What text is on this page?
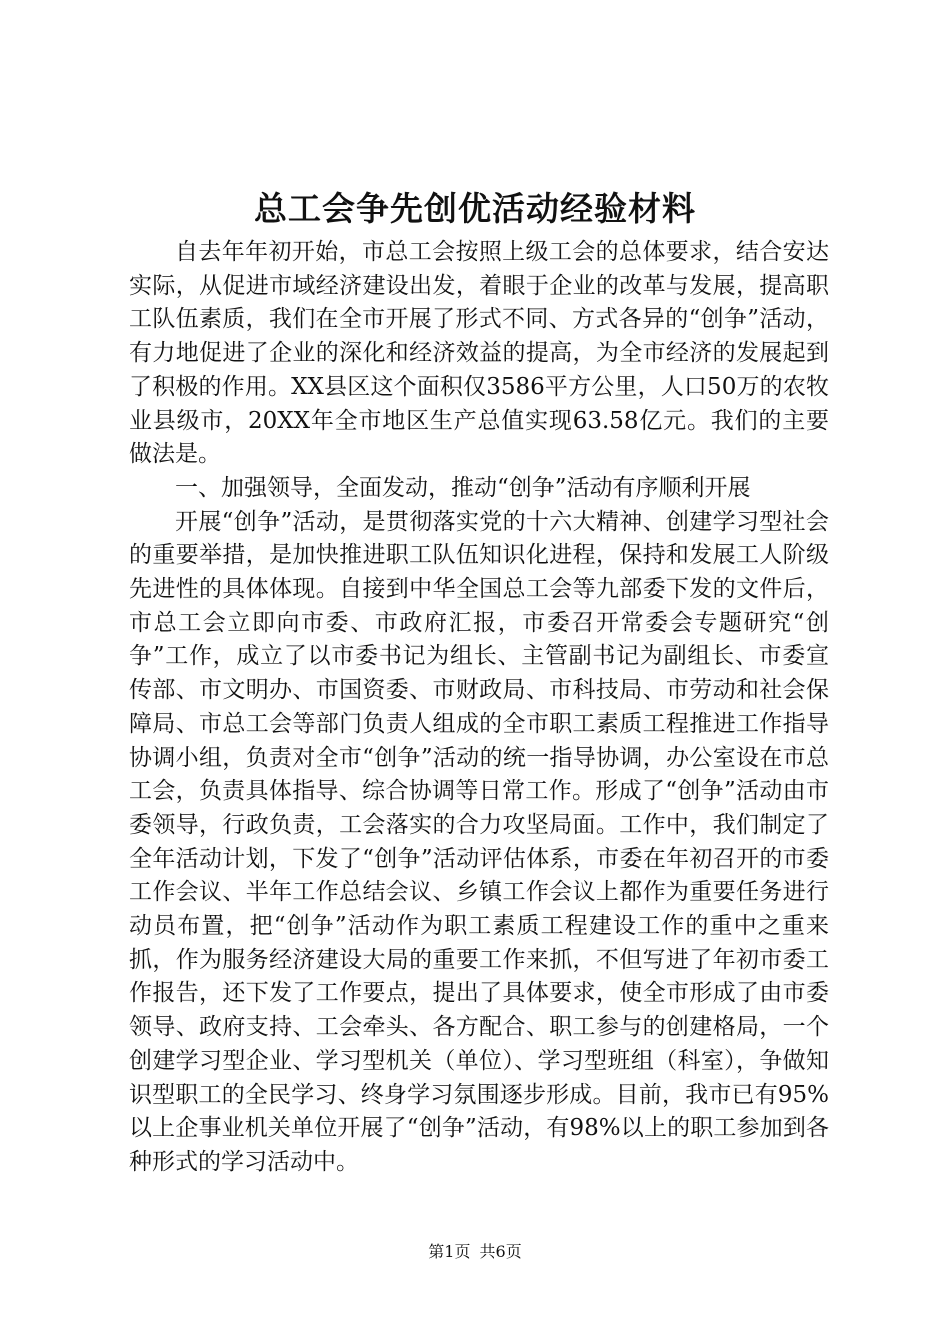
总工会争先创优活动经验材料

自去年年初开始，市总工会按照上级工会的总体要求，结合安达实际，从促进市域经济建设出发，着眼于企业的改革与发展，提高职工队伍素质，我们在全市开展了形式不同、方式各异的“创争”活动，有力地促进了企业的深化和经济效益的提高，为全市经济的发展起到了积极的作用。XX县区这个面积仅3586平方公里，人口50万的农牧业县级市，20XX年全市地区生产总值实现63.58亿元。我们的主要做法是。

一、加强领导，全面发动，推动“创争”活动有序顺利开展

开展“创争”活动，是贯彻落实党的十六大精神、创建学习型社会的重要举措，是加快推进职工队伍知识化进程，保持和发展工人阶级先进性的具体体现。自接到中华全国总工会等九部委下发的文件后，市总工会立即向市委、市政府汇报，市委召开常委会专题研究“创争”工作，成立了以市委书记为组长、主管副书记为副组长、市委宣传部、市文明办、市国资委、市财政局、市科技局、市劳动和社会保障局、市总工会等部门负责人组成的全市职工素质工程推进工作指导协调小组，负责对全市“创争”活动的统一指导协调，办公室设在市总工会，负责具体指导、综合协调等日常工作。形成了“创争”活动由市委领导，行政负责，工会落实的合力攻坚局面。工作中，我们制定了全年活动计划，下发了“创争”活动评估体系，市委在年初召开的市委工作会议、半年工作总结会议、乡镇工作会议上都作为重要任务进行动员布置，把“创争”活动作为职工素质工程建设工作的重中之重来抓，作为服务经济建设大局的重要工作来抓，不但写进了年初市委工作报告，还下发了工作要点，提出了具体要求，使全市形成了由市委领导、政府支持、工会牵头、各方配合、职工参与的创建格局，一个创建学习型企业、学习型机关（单位）、学习型班组（科室），争做知识型职工的全民学习、终身学习氛围逐步形成。目前，我市已有95%以上企事业机关单位开展了“创争”活动，有98%以上的职工参加到各种形式的学习活动中。

第1页 共6页
